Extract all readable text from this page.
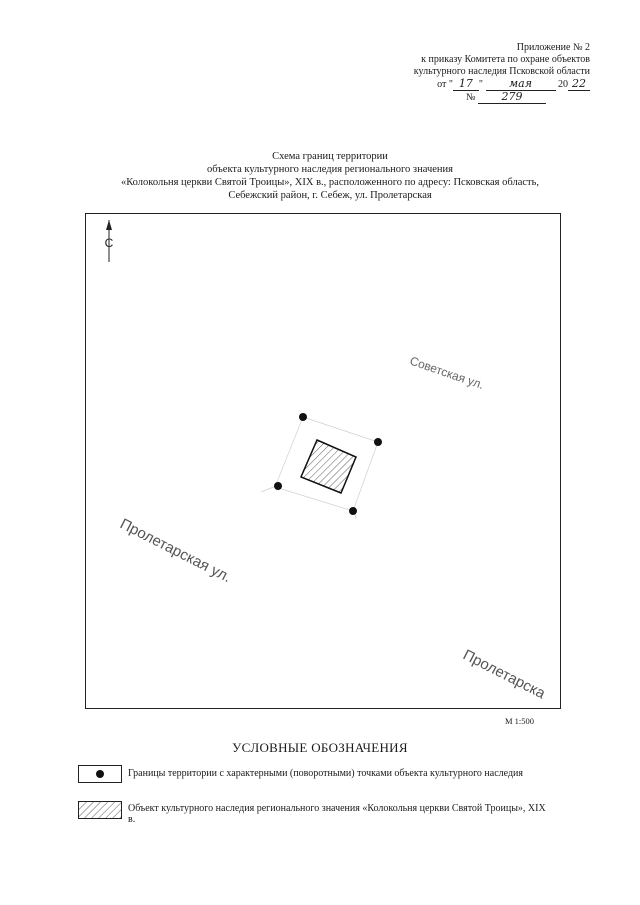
Приложение № 2
к приказу Комитета по охране объектов
культурного наследия Псковской области
от " 17 " мая	20 22
№ 279
Схема границ территории
объекта культурного наследия регионального значения
«Колокольня церкви Святой Троицы», XIX в., расположенного по адресу: Псковская область,
Себежский район, г. Себеж, ул. Пролетарская
С
Советская ул.
Пролетарская ул.
Пролетарска
М 1:500
УСЛОВНЫЕ ОБОЗНАЧЕНИЯ
Границы территории с характерными (поворотными) точками объекта культурного наследия
Объект культурного наследия регионального значения «Колокольня церкви Святой Троицы», XIX в.
